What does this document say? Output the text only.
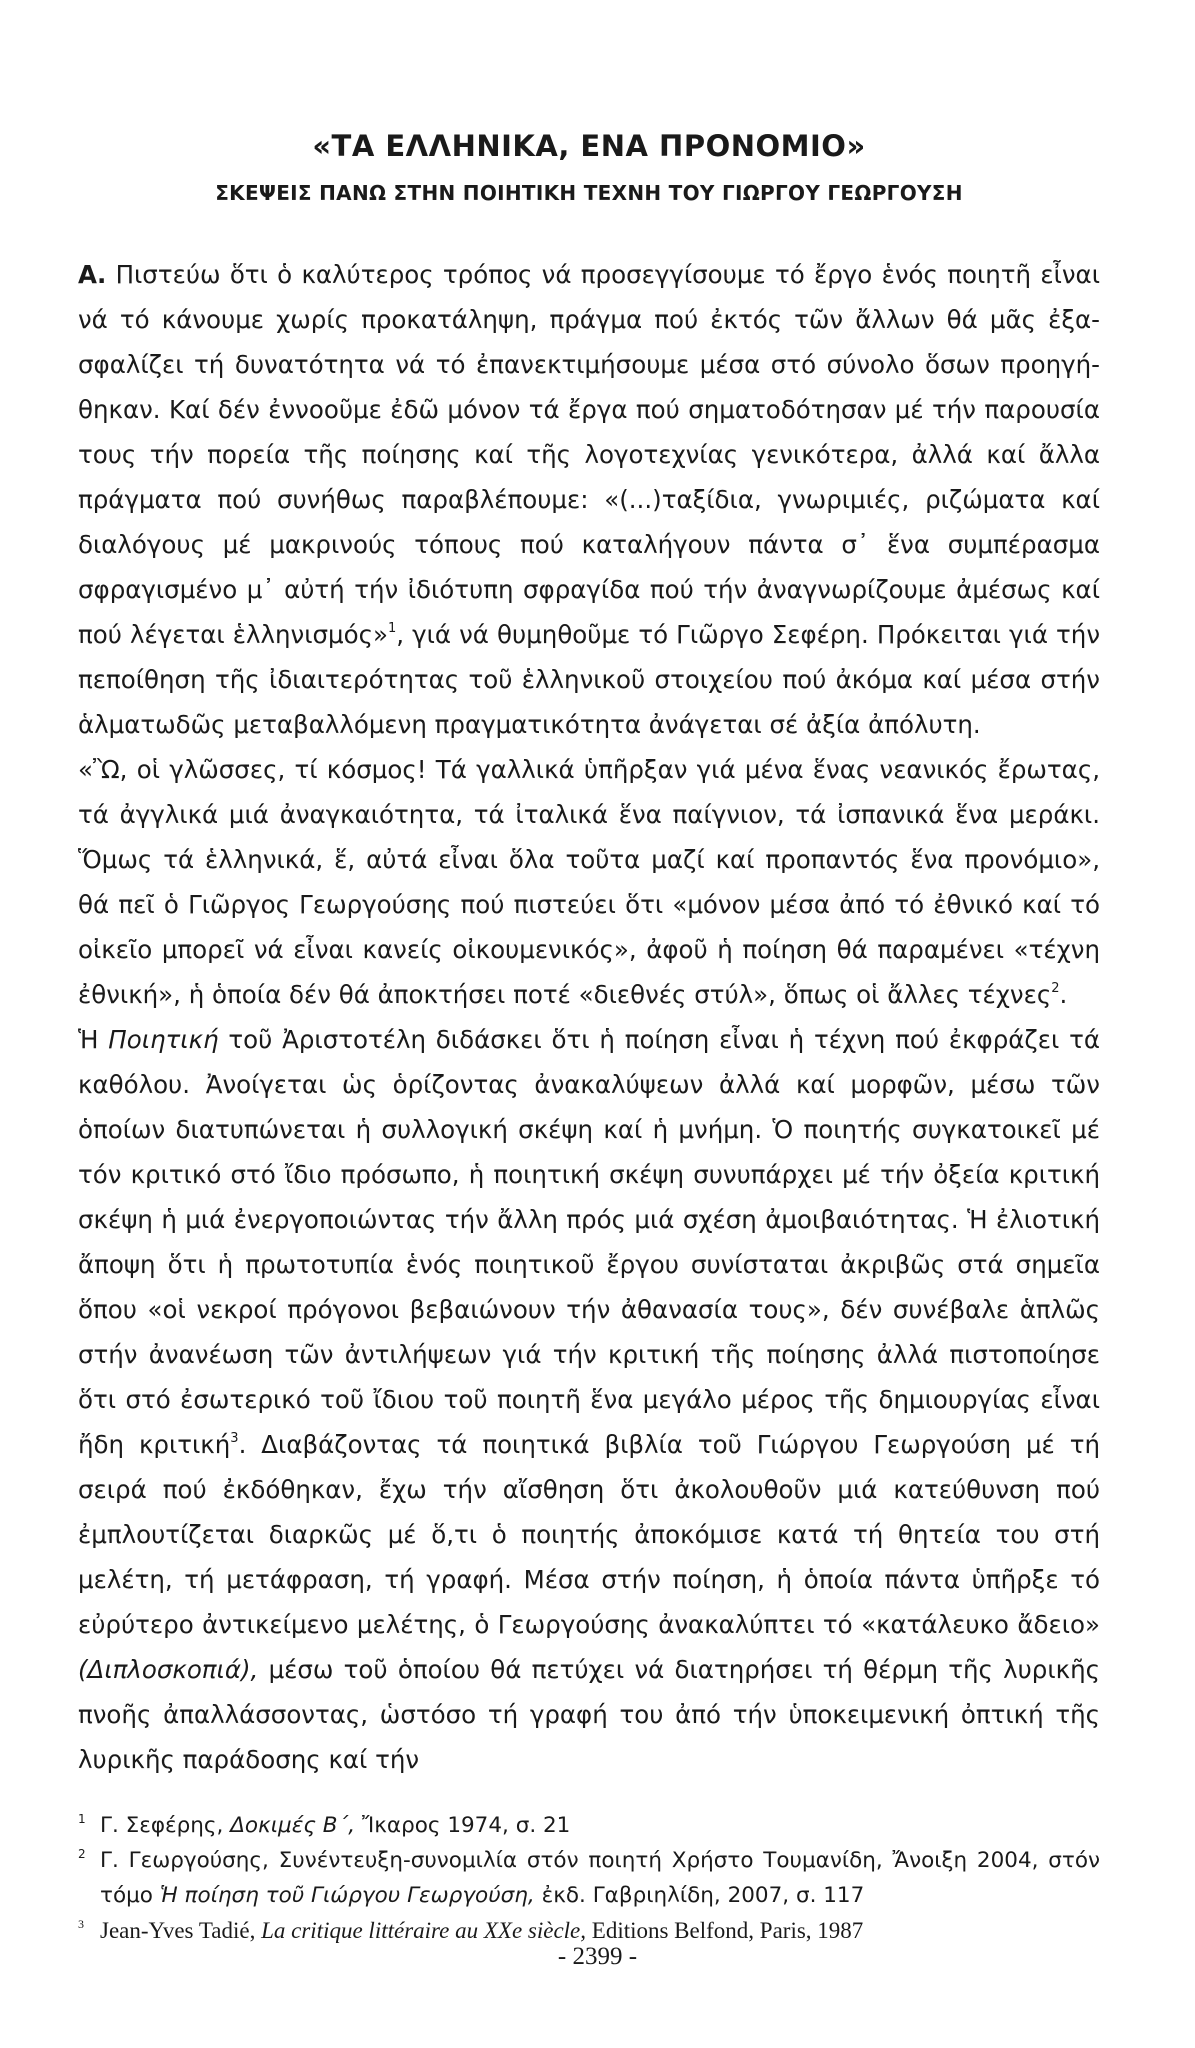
«ΤΑ ΕΛΛΗΝΙΚΑ, ΕΝΑ ΠΡΟΝΟΜΙΟ»
ΣΚΕΨΕΙΣ ΠΑΝΩ ΣΤΗΝ ΠΟΙΗΤΙΚΗ ΤΕΧΝΗ ΤΟΥ ΓΙΩΡΓΟΥ ΓΕΩΡΓΟΥΣΗ

Α. Πιστεύω ὅτι ὁ καλύτερος τρόπος νά προσεγγίσουμε τό ἔργο ἑνός ποιητῆ εἶναι νά τό κάνουμε χωρίς προκατάληψη, πράγμα πού ἐκτός τῶν ἄλλων θά μᾶς ἐξασφαλίζει τή δυνατότητα νά τό ἐπανεκτιμήσουμε μέσα στό σύνολο ὅσων προηγήθηκαν. Καί δέν ἐννοοῦμε ἐδῶ μόνον τά ἔργα πού σηματοδότησαν μέ τήν παρουσία τους τήν πορεία τῆς ποίησης καί τῆς λογοτεχνίας γενικότερα, ἀλλά καί ἄλλα πράγματα πού συνήθως παραβλέπουμε: «(...)ταξίδια, γνωριμιές, ριζώματα καί διαλόγους μέ μακρινούς τόπους πού καταλήγουν πάντα σ᾿ ἕνα συμπέρασμα σφραγισμένο μ᾿ αὐτή τήν ἰδιότυπη σφραγίδα πού τήν ἀναγνωρίζουμε ἀμέσως καί πού λέγεται ἑλληνισμός»$^1$, γιά νά θυμηθοῦμε τό Γιῶργο Σεφέρη. Πρόκειται γιά τήν πεποίθηση τῆς ἰδιαιτερότητας τοῦ ἑλληνικοῦ στοιχείου πού ἀκόμα καί μέσα στήν ἁλματωδῶς μεταβαλλόμενη πραγματικότητα ἀνάγεται σέ ἀξία ἀπόλυτη.

«Ὢ, οἱ γλῶσσες, τί κόσμος! Τά γαλλικά ὑπῆρξαν γιά μένα ἕνας νεανικός ἔρωτας, τά ἀγγλικά μιά ἀναγκαιότητα, τά ἰταλικά ἕνα παίγνιον, τά ἰσπανικά ἕνα μεράκι. Ὅμως τά ἑλληνικά, ἕ, αὐτά εἶναι ὅλα τοῦτα μαζί καί προπαντός ἕνα προνόμιο», θά πεῖ ὁ Γιῶργος Γεωργούσης πού πιστεύει ὅτι «μόνον μέσα ἀπό τό ἐθνικό καί τό οἰκεῖο μπορεῖ νά εἶναι κανείς οἰκουμενικός», ἀφοῦ ἡ ποίηση θά παραμένει «τέχνη ἐθνική», ἡ ὁποία δέν θά ἀποκτήσει ποτέ «διεθνές στύλ», ὅπως οἱ ἄλλες τέχνες$^2$.

Ἡ Ποιητική τοῦ Ἀριστοτέλη διδάσκει ὅτι ἡ ποίηση εἶναι ἡ τέχνη πού ἐκφράζει τά καθόλου. Ἀνοίγεται ὡς ὁρίζοντας ἀνακαλύψεων ἀλλά καί μορφῶν, μέσω τῶν ὁποίων διατυπώνεται ἡ συλλογική σκέψη καί ἡ μνήμη. Ὁ ποιητής συγκατοικεῖ μέ τόν κριτικό στό ἴδιο πρόσωπο, ἡ ποιητική σκέψη συνυπάρχει μέ τήν ὀξεία κριτική σκέψη ἡ μιά ἐνεργοποιώντας τήν ἄλλη πρός μιά σχέση ἀμοιβαιότητας. Ἡ ἐλιοτική ἄποψη ὅτι ἡ πρωτοτυπία ἑνός ποιητικοῦ ἔργου συνίσταται ἀκριβῶς στά σημεῖα ὅπου «οἱ νεκροί πρόγονοι βεβαιώνουν τήν ἀθανασία τους», δέν συνέβαλε ἁπλῶς στήν ἀνανέωση τῶν ἀντιλήψεων γιά τήν κριτική τῆς ποίησης ἀλλά πιστοποίησε ὅτι στό ἐσωτερικό τοῦ ἴδιου τοῦ ποιητῆ ἕνα μεγάλο μέρος τῆς δημιουργίας εἶναι ἤδη κριτική$^3$. Διαβάζοντας τά ποιητικά βιβλία τοῦ Γιώργου Γεωργούση μέ τή σειρά πού ἐκδόθηκαν, ἔχω τήν αἴσθηση ὅτι ἀκολουθοῦν μιά κατεύθυνση πού ἐμπλουτίζεται διαρκῶς μέ ὅ,τι ὁ ποιητής ἀποκόμισε κατά τή θητεία του στή μελέτη, τή μετάφραση, τή γραφή. Μέσα στήν ποίηση, ἡ ὁποία πάντα ὑπῆρξε τό εὐρύτερο ἀντικείμενο μελέτης, ὁ Γεωργούσης ἀνακαλύπτει τό «κατάλευκο ἄδειο» (Διπλοσκοπιά), μέσω τοῦ ὁποίου θά πετύχει νά διατηρήσει τή θέρμη τῆς λυρικῆς πνοῆς ἀπαλλάσσοντας, ὡστόσο τή γραφή του ἀπό τήν ὑποκειμενική ὀπτική τῆς λυρικῆς παράδοσης καί τήν

1 Γ. Σεφέρης, Δοκιμές Β΄, Ἴκαρος 1974, σ. 21
2 Γ. Γεωργούσης, Συνέντευξη-συνομιλία στόν ποιητή Χρήστο Τουμανίδη, Ἄνοιξη 2004, στόν τόμο Ἡ ποίηση τοῦ Γιώργου Γεωργούση, ἐκδ. Γαβριηλίδη, 2007, σ. 117
3 Jean-Yves Tadié, La critique littéraire au XXe siècle, Editions Belfond, Paris, 1987
- 2399 -
